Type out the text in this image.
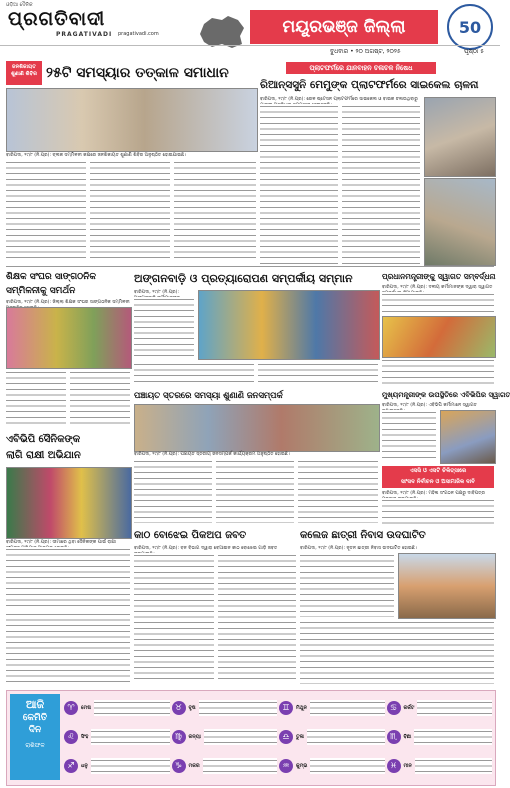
ଓଡ଼ିଆ ଦୈନିକ
ପ୍ରଗତିବାଦୀ
PRAGATIVADI pragativadi.com	ମୟୂରଭଞ୍ଜ ଜିଲ୍ଲା	50
ବୁଧବାର • ୨୦ ଅଗଷ୍ଟ, ୨୦୨୫	ପୃଷ୍ଠା ୫
ଜନଶିକାୟତ ଶୁଣାଣି ଶିବିର ୨୫ଟି ସମସ୍ୟାର ତତ୍କାଳ ସମାଧାନ
ବାରିପଦା, ୧୯/୮ (ନି.ପ୍ର): ବ୍ଲକ ସମ୍ମିଳନୀ କକ୍ଷରେ ଜନଶିକାୟତ ଶୁଣାଣି ଶିବିର ଅନୁଷ୍ଠିତ ହୋଇଯାଇଛି।
ପ୍ଲାଟଫର୍ମରେ ଯାନବାହନ ଚଳାଚଳ ନିଷେଧ
ରିଆନ୍ସସୁନି ମେମୁଙ୍କ ପ୍ଲାଟଫର୍ମରେ ସାଇକେଲ ଚାଳନା
ବାରିପଦା, ୧୯/୮ (ନି.ପ୍ର): ରେଳ ଷ୍ଟେସନ ପ୍ଲାଟଫର୍ମରେ ସାଇକେଲ ଓ ବାଇକ ଚଳାଉଥିବାରୁ
ଶିକ୍ଷକ ସଂଘର ସାଙ୍ଗଠନିକ
ସମ୍ମିଳନୀକୁ ସମର୍ଥନ
ବାରିପଦା, ୧୯/୮ (ନି.ପ୍ର): ଜିଲ୍ଲା ଶିକ୍ଷକ ସଂଘର ସାଙ୍ଗଠନିକ ସମ୍ମିଳନୀ
ଅଙ୍ଗନବାଡ଼ି ଓ ପ୍ରତ୍ୟାରୋପଣ ସମ୍ପର୍କୀୟ ସମ୍ମାନ
ବାରିପଦା, ୧୯/୮ (ନି.ପ୍ର):
ପ୍ରଧାନମନ୍ତ୍ରୀଙ୍କୁ ସ୍ୱାଗତ ସମ୍ବର୍ଦ୍ଧନା
ବାରିପଦା, ୧୯/୮ (ନି.ପ୍ର): ଦଳୀୟ କର୍ମୀମାନଙ୍କ ଦ୍ୱାରା ସ୍ୱାଗତ
ପଞ୍ଚାୟତ ସ୍ତରରେ ସମସ୍ୟା ଶୁଣାଣି ଜନସମ୍ପର୍କ
ବାରିପଦା, ୧୯/୮ (ନି.ପ୍ର): ପଞ୍ଚାୟତ ସ୍ତରୀୟ ଜନସମ୍ପର୍କ କାର୍ଯ୍ୟକ୍ରମ ଅନୁଷ୍ଠିତ ହୋଇଛି।
ମୁଖ୍ୟମନ୍ତ୍ରୀଙ୍କ ଉପସ୍ଥିତିରେ ଏବିଭିପିର ସ୍ୱାଗତ
ବାରିପଦା, ୧୯/୮ (ନି.ପ୍ର): ଏବିଭିପି କର୍ମୀମାନେ ସ୍ୱାଗତ
ଏବିଭିପି ସୈନିକଙ୍କ
ଲାଗି ରାକ୍ଷୀ ଅଭିଯାନ
ବାରିପଦା, ୧୯/୮ (ନି.ପ୍ର): ସୀମାରେ ଥିବା ସୈନିକଙ୍କ ପାଇଁ ରାକ୍ଷୀ
ଏସସି ଓ ଏସଟି ଚିକିତ୍ସାରେ
ସାଂସଦ ନିର୍ବାଚନ ଓ ଅସାମାଜିକ ଦାବି
ବାରିପଦା, ୧୯/୮ (ନି.ପ୍ର): ମହିଳା ସଂଗଠନ ପକ୍ଷରୁ ଦାବିପତ୍ର
କଲେଜ ଛାତ୍ରୀ ନିବାସ ଉଦଘାଟିତ
ବାରିପଦା, ୧୯/୮ (ନି.ପ୍ର): ନୂତନ ଛାତ୍ରୀ ନିବାସ ଉଦଘାଟିତ ହୋଇଛି।
କାଠ ବୋଝେଇ ପିକଅପ ଜବତ
ବାରିପଦା, ୧୯/୮ (ନି.ପ୍ର): ବନ ବିଭାଗ ଦ୍ୱାରା ବେଆଇନ କାଠ ବୋଝେଇ ଗାଡ଼ି ଜବତ
ଆଜି
କେମିତି
ଦିନ
ରାଶିଫଳ
♈	ମେଷ	♉	ବୃଷ	♊	ମିଥୁନ	♋	କର୍କଟ
♌	ସିଂହ	♍	କନ୍ୟା	♎	ତୁଳା	♏	ବିଛା
♐	ଧନୁ	♑	ମକର	♒	କୁମ୍ଭ	♓	ମୀନ
